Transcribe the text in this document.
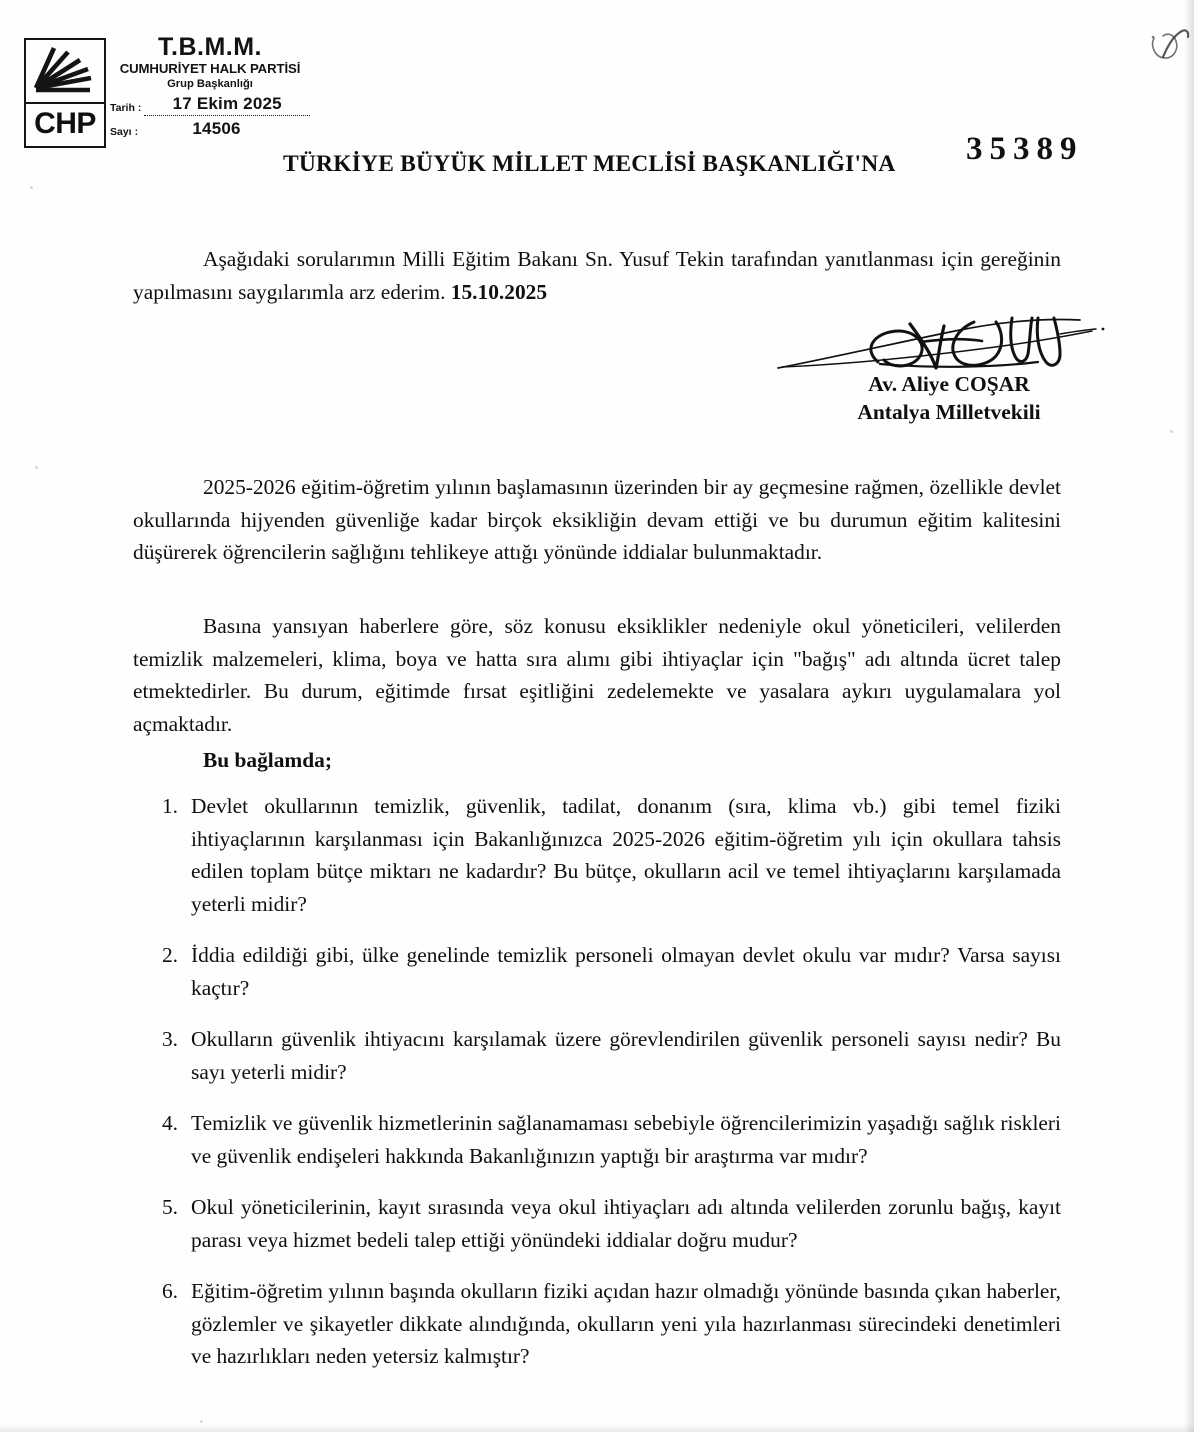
CHP
T.B.M.M.
CUMHURİYET HALK PARTİSİ
Grup Başkanlığı
Tarih :	17 Ekim 2025
Sayı :	14506
TÜRKİYE BÜYÜK MİLLET MECLİSİ BAŞKANLIĞI'NA 35389

Aşağıdaki sorularımın Milli Eğitim Bakanı Sn. Yusuf Tekin tarafından yanıtlanması için gereğinin yapılmasını saygılarımla arz ederim. 15.10.2025

Av. Aliye COŞAR
Antalya Milletvekili

2025-2026 eğitim-öğretim yılının başlamasının üzerinden bir ay geçmesine rağmen, özellikle devlet okullarında hijyenden güvenliğe kadar birçok eksikliğin devam ettiği ve bu durumun eğitim kalitesini düşürerek öğrencilerin sağlığını tehlikeye attığı yönünde iddialar bulunmaktadır.

Basına yansıyan haberlere göre, söz konusu eksiklikler nedeniyle okul yöneticileri, velilerden temizlik malzemeleri, klima, boya ve hatta sıra alımı gibi ihtiyaçlar için "bağış" adı altında ücret talep etmektedirler. Bu durum, eğitimde fırsat eşitliğini zedelemekte ve yasalara aykırı uygulamalara yol açmaktadır.

Bu bağlamda;
1. Devlet okullarının temizlik, güvenlik, tadilat, donanım (sıra, klima vb.) gibi temel fiziki ihtiyaçlarının karşılanması için Bakanlığınızca 2025-2026 eğitim-öğretim yılı için okullara tahsis edilen toplam bütçe miktarı ne kadardır? Bu bütçe, okulların acil ve temel ihtiyaçlarını karşılamada yeterli midir?
2. İddia edildiği gibi, ülke genelinde temizlik personeli olmayan devlet okulu var mıdır? Varsa sayısı kaçtır?
3. Okulların güvenlik ihtiyacını karşılamak üzere görevlendirilen güvenlik personeli sayısı nedir? Bu sayı yeterli midir?
4. Temizlik ve güvenlik hizmetlerinin sağlanamaması sebebiyle öğrencilerimizin yaşadığı sağlık riskleri ve güvenlik endişeleri hakkında Bakanlığınızın yaptığı bir araştırma var mıdır?
5. Okul yöneticilerinin, kayıt sırasında veya okul ihtiyaçları adı altında velilerden zorunlu bağış, kayıt parası veya hizmet bedeli talep ettiği yönündeki iddialar doğru mudur?
6. Eğitim-öğretim yılının başında okulların fiziki açıdan hazır olmadığı yönünde basında çıkan haberler, gözlemler ve şikayetler dikkate alındığında, okulların yeni yıla hazırlanması sürecindeki denetimleri ve hazırlıkları neden yetersiz kalmıştır?
